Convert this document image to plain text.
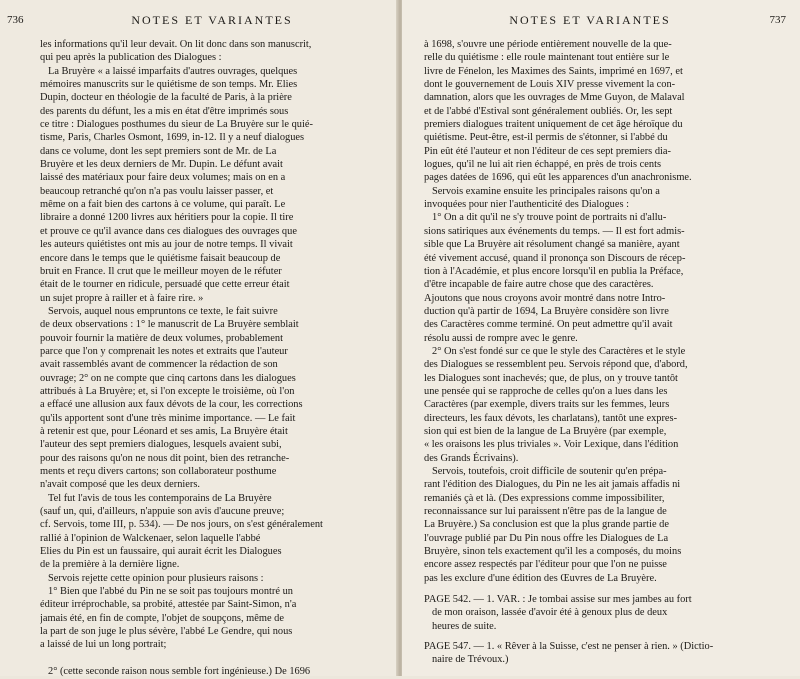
736	NOTES ET VARIANTES
les informations qu'il leur devait. On lit donc dans son manuscrit,
qui peu après la publication des Dialogues :
La Bruyère « a laissé imparfaits d'autres ouvrages, quelques
mémoires manuscrits sur le quiétisme de son temps. Mr. Elies
Dupin, docteur en théologie de la faculté de Paris, à la prière
des parents du défunt, les a mis en état d'être imprimés sous
ce titre : Dialogues posthumes du sieur de La Bruyère sur le quié-
tisme, Paris, Charles Osmont, 1699, in-12. Il y a neuf dialogues
dans ce volume, dont les sept premiers sont de Mr. de La
Bruyère et les deux derniers de Mr. Dupin. Le défunt avait
laissé des matériaux pour faire deux volumes; mais on en a
beaucoup retranché qu'on n'a pas voulu laisser passer, et
même on a fait bien des cartons à ce volume, qui paraît. Le
libraire a donné 1200 livres aux héritiers pour la copie. Il tire
et prouve ce qu'il avance dans ces dialogues des ouvrages que
les auteurs quiétistes ont mis au jour de notre temps. Il vivait
encore dans le temps que le quiétisme faisait beaucoup de
bruit en France. Il crut que le meilleur moyen de le réfuter
était de le tourner en ridicule, persuadé que cette erreur était
un sujet propre à railler et à faire rire. »
Servois, auquel nous empruntons ce texte, le fait suivre
de deux observations : 1° le manuscrit de La Bruyère semblait
pouvoir fournir la matière de deux volumes, probablement
parce que l'on y comprenait les notes et extraits que l'auteur
avait rassemblés avant de commencer la rédaction de son
ouvrage; 2° on ne compte que cinq cartons dans les dialogues
attribués à La Bruyère; et, si l'on excepte le troisième, où l'on
a effacé une allusion aux faux dévots de la cour, les corrections
qu'ils apportent sont d'une très minime importance. — Le fait
à retenir est que, pour Léonard et ses amis, La Bruyère était
l'auteur des sept premiers dialogues, lesquels avaient subi,
pour des raisons qu'on ne nous dit point, bien des retranche-
ments et reçu divers cartons; son collaborateur posthume
n'avait composé que les deux derniers.
Tel fut l'avis de tous les contemporains de La Bruyère
(sauf un, qui, d'ailleurs, n'appuie son avis d'aucune preuve;
cf. Servois, tome III, p. 534). — De nos jours, on s'est généralement
rallié à l'opinion de Walckenaer, selon laquelle l'abbé
Elies du Pin est un faussaire, qui aurait écrit les Dialogues
de la première à la dernière ligne.
Servois rejette cette opinion pour plusieurs raisons :
1° Bien que l'abbé du Pin ne se soit pas toujours montré un
éditeur irréprochable, sa probité, attestée par Saint-Simon, n'a
jamais été, en fin de compte, l'objet de soupçons, même de
la part de son juge le plus sévère, l'abbé Le Gendre, qui nous
a laissé de lui un long portrait;
2° (cette seconde raison nous semble fort ingénieuse.) De 1696
NOTES ET VARIANTES	737
à 1698, s'ouvre une période entièrement nouvelle de la que-
relle du quiétisme : elle roule maintenant tout entière sur le
livre de Fénelon, les Maximes des Saints, imprimé en 1697, et
dont le gouvernement de Louis XIV presse vivement la con-
damnation, alors que les ouvrages de Mme Guyon, de Malaval
et de l'abbé d'Estival sont généralement oubliés. Or, les sept
premiers dialogues traitent uniquement de cet âge héroïque du
quiétisme. Peut-être, est-il permis de s'étonner, si l'abbé du
Pin eût été l'auteur et non l'éditeur de ces sept premiers dia-
logues, qu'il ne lui ait rien échappé, en près de trois cents
pages datées de 1696, qui eût les apparences d'un anachronisme.
Servois examine ensuite les principales raisons qu'on a
invoquées pour nier l'authenticité des Dialogues :
1° On a dit qu'il ne s'y trouve point de portraits ni d'allu-
sions satiriques aux événements du temps. — Il est fort admis-
sible que La Bruyère ait résolument changé sa manière, ayant
été vivement accusé, quand il prononça son Discours de récep-
tion à l'Académie, et plus encore lorsqu'il en publia la Préface,
d'être incapable de faire autre chose que des caractères.
Ajoutons que nous croyons avoir montré dans notre Intro-
duction qu'à partir de 1694, La Bruyère considère son livre
des Caractères comme terminé. On peut admettre qu'il avait
résolu aussi de rompre avec le genre.
2° On s'est fondé sur ce que le style des Caractères et le style
des Dialogues se ressemblent peu. Servois répond que, d'abord,
les Dialogues sont inachevés; que, de plus, on y trouve tantôt
une pensée qui se rapproche de celles qu'on a lues dans les
Caractères (par exemple, divers traits sur les femmes, leurs
directeurs, les faux dévots, les charlatans), tantôt une expres-
sion qui est bien de la langue de La Bruyère (par exemple,
« les oraisons les plus triviales ». Voir Lexique, dans l'édition
des Grands Écrivains).
Servois, toutefois, croit difficile de soutenir qu'en prépa-
rant l'édition des Dialogues, du Pin ne les ait jamais affadis ni
remaniés çà et là. (Des expressions comme impossibiliter,
reconnaissance sur lui paraissent n'être pas de la langue de
La Bruyère.) Sa conclusion est que la plus grande partie de
l'ouvrage publié par Du Pin nous offre les Dialogues de La
Bruyère, sinon tels exactement qu'il les a composés, du moins
encore assez respectés par l'éditeur pour que l'on ne puisse
pas les exclure d'une édition des Œuvres de La Bruyère.
PAGE 542. — 1. VAR. : Je tombai assise sur mes jambes au fort
de mon oraison, lassée d'avoir été à genoux plus de deux
heures de suite.
PAGE 547. — 1. « Rêver à la Suisse, c'est ne penser à rien. » (Dictio-
naire de Trévoux.)
